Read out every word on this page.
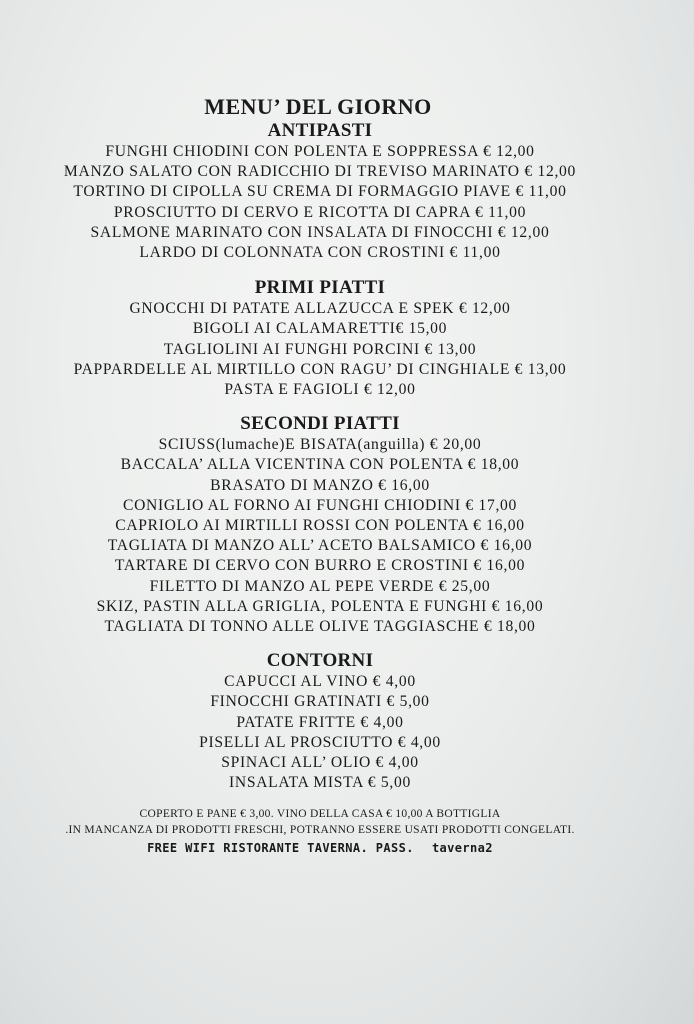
MENU’ DEL GIORNO
ANTIPASTI
FUNGHI CHIODINI CON POLENTA E SOPPRESSA € 12,00
MANZO SALATO CON RADICCHIO DI TREVISO MARINATO € 12,00
TORTINO DI CIPOLLA SU CREMA DI FORMAGGIO PIAVE € 11,00
PROSCIUTTO DI CERVO E RICOTTA DI CAPRA € 11,00
SALMONE MARINATO CON INSALATA DI FINOCCHI € 12,00
LARDO DI COLONNATA CON CROSTINI € 11,00
PRIMI PIATTI
GNOCCHI DI PATATE ALLAZUCCA E SPEK € 12,00
BIGOLI AI CALAMARETTI€ 15,00
TAGLIOLINI AI FUNGHI PORCINI € 13,00
PAPPARDELLE AL MIRTILLO CON RAGU’ DI CINGHIALE € 13,00
PASTA E FAGIOLI € 12,00
SECONDI PIATTI
SCIUSS(lumache)E BISATA(anguilla) € 20,00
BACCALA’ ALLA VICENTINA CON POLENTA € 18,00
BRASATO DI MANZO € 16,00
CONIGLIO AL FORNO AI FUNGHI CHIODINI € 17,00
CAPRIOLO AI MIRTILLI ROSSI CON POLENTA € 16,00
TAGLIATA DI MANZO ALL’ ACETO BALSAMICO € 16,00
TARTARE DI CERVO CON BURRO E CROSTINI € 16,00
FILETTO DI MANZO AL PEPE VERDE € 25,00
SKIZ, PASTIN ALLA GRIGLIA, POLENTA E FUNGHI € 16,00
TAGLIATA DI TONNO ALLE OLIVE TAGGIASCHE € 18,00
CONTORNI
CAPUCCI AL VINO € 4,00
FINOCCHI GRATINATI € 5,00
PATATE FRITTE € 4,00
PISELLI AL PROSCIUTTO € 4,00
SPINACI ALL’ OLIO € 4,00
INSALATA MISTA € 5,00
COPERTO E PANE € 3,00. VINO DELLA CASA € 10,00 A BOTTIGLIA
.IN MANCANZA DI PRODOTTI FRESCHI, POTRANNO ESSERE USATI PRODOTTI CONGELATI.
FREE WIFI RISTORANTE TAVERNA. PASS. taverna2
